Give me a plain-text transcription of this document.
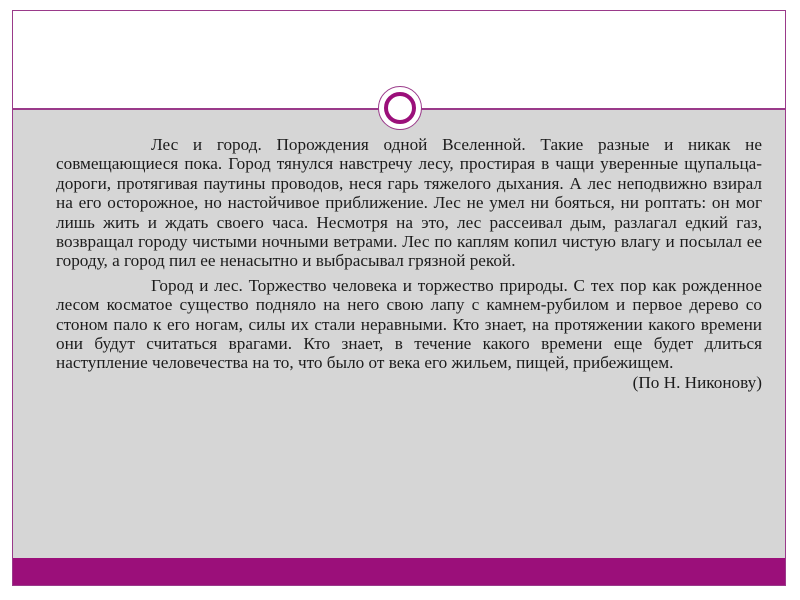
Лес и город. Порождения одной Вселенной. Такие разные и никак не совмещающиеся пока. Город тянулся навстречу лесу, простирая в чащи уверенные щупальца-дороги, протягивая паутины проводов, неся гарь тяжелого дыхания. А лес неподвижно взирал на его осторожное, но настойчивое приближение. Лес не умел ни бояться, ни роптать: он мог лишь жить и ждать своего часа. Несмотря на это, лес рассеивал дым, разлагал едкий газ, возвращал городу чистыми ночными ветрами. Лес по каплям копил чистую влагу и посылал ее городу, а город пил ее ненасытно и выбрасывал грязной рекой.

Город и лес. Торжество человека и торжество природы. С тех пор как рожденное лесом косматое существо подняло на него свою лапу с камнем-рубилом и первое дерево со стоном пало к его ногам, силы их стали неравными. Кто знает, на протяжении какого времени они будут считаться врагами. Кто знает, в течение какого времени еще будет длиться наступление человечества на то, что было от века его жильем, пищей, прибежищем.

(По Н. Никонову)
